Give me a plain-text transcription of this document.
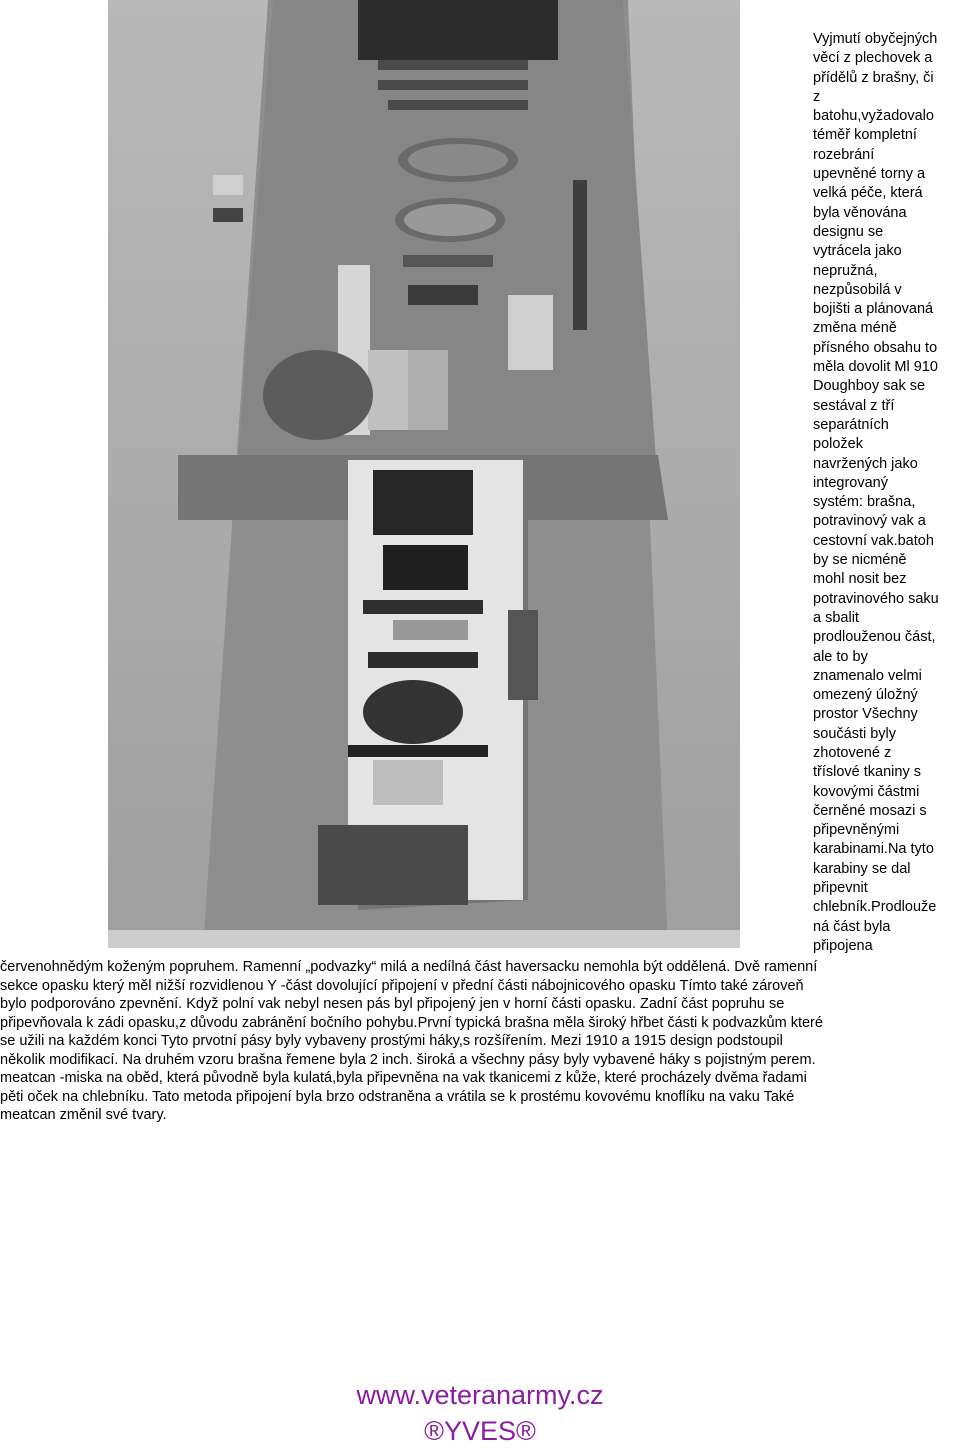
Vyjmutí obyčejných
věcí z plechovek a
přídělů z brašny, či
z
batohu,vyžadovalo
téměř kompletní
rozebrání
upevněné torny a
velká péče, která
byla věnována
designu se
vytrácela jako
nepružná,
nezpůsobilá v
bojišti a plánovaná
změna méně
přísného obsahu to
měla dovolit Ml 910
Doughboy sak se
sestával z tří
separátních
položek
navržených jako
integrovaný
systém: brašna,
potravinový vak a
cestovní vak.batoh
by se nicméně
mohl nosit bez
potravinového saku
a sbalit
prodlouženou část,
ale to by
znamenalo velmi
omezený úložný
prostor Všechny
součásti byly
zhotovené z
tříslové tkaniny s
kovovými částmi
černěné mosazi s
připevněnými
karabinami.Na tyto
karabiny se dal
připevnit
chlebník.Prodlouže
ná část byla
připojena
červenohnědým koženým popruhem. Ramenní „podvazky“ milá a nedílná část haversacku nemohla být oddělená. Dvě ramenní
sekce opasku který měl nižší rozvidlenou Y -část dovolující připojení v přední části nábojnicového opasku Tímto také zároveň
bylo podporováno zpevnění. Když polní vak nebyl nesen pás byl připojený jen v horní části opasku. Zadní část popruhu se
připevňovala k zádi opasku,z důvodu zabránění bočního pohybu.První typická brašna měla široký hřbet části k podvazkům které
se užili na každém konci Tyto prvotní pásy byly vybaveny prostými háky,s rozšířením. Mezi 1910 a 1915 design podstoupil
několik modifikací. Na druhém vzoru brašna řemene byla 2 inch. široká a všechny pásy byly vybavené háky s pojistným perem.
meatcan -miska na oběd, která původně byla kulatá,byla připevněna na vak tkanicemi z kůže, které procházely dvěma řadami
pěti oček na chlebníku. Tato metoda připojení byla brzo odstraněna a vrátila se k prostému kovovému knoflíku na vaku Také
meatcan změnil své tvary.
www.veteranarmy.cz
®YVES®
